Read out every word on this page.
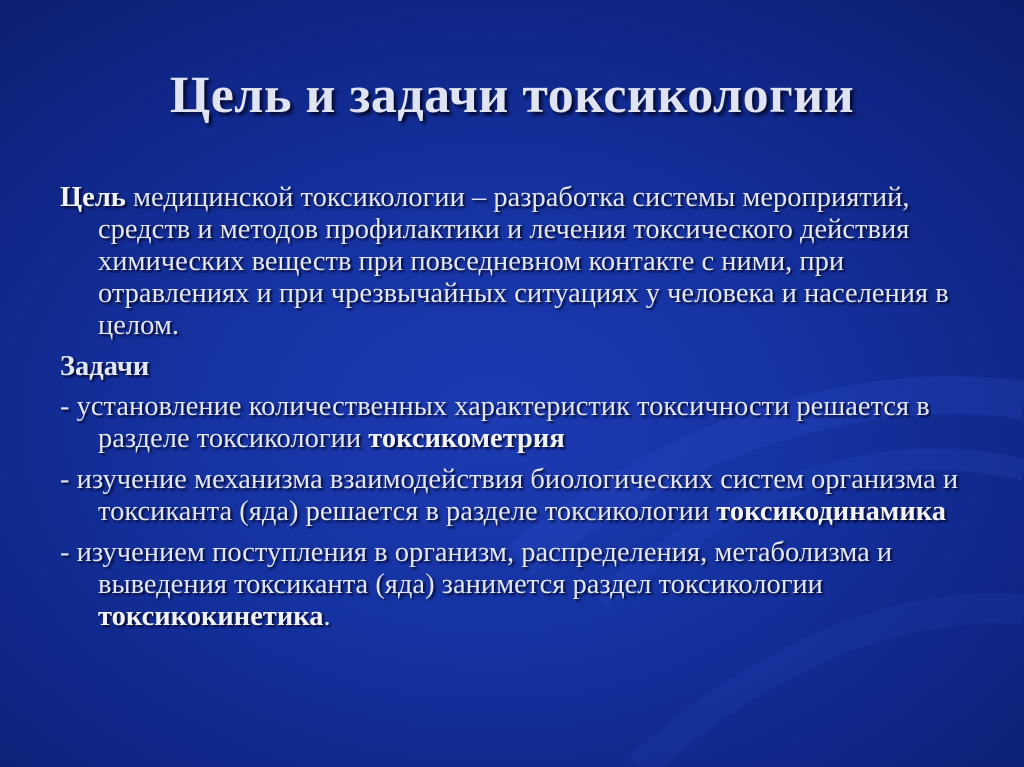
Цель и задачи токсикологии

Цель медицинской токсикологии – разработка системы мероприятий, средств и методов профилактики и лечения токсического действия химических веществ при повседневном контакте с ними, при отравлениях и при чрезвычайных ситуациях у человека и населения в целом.

Задачи

- установление количественных характеристик токсичности решается в разделе токсикологии токсикометрия

- изучение механизма взаимодействия биологических систем организма и токсиканта (яда) решается в разделе токсикологии токсикодинамика

- изучением поступления в организм, распределения, метаболизма и выведения токсиканта (яда) занимется раздел токсикологии токсикокинетика.
